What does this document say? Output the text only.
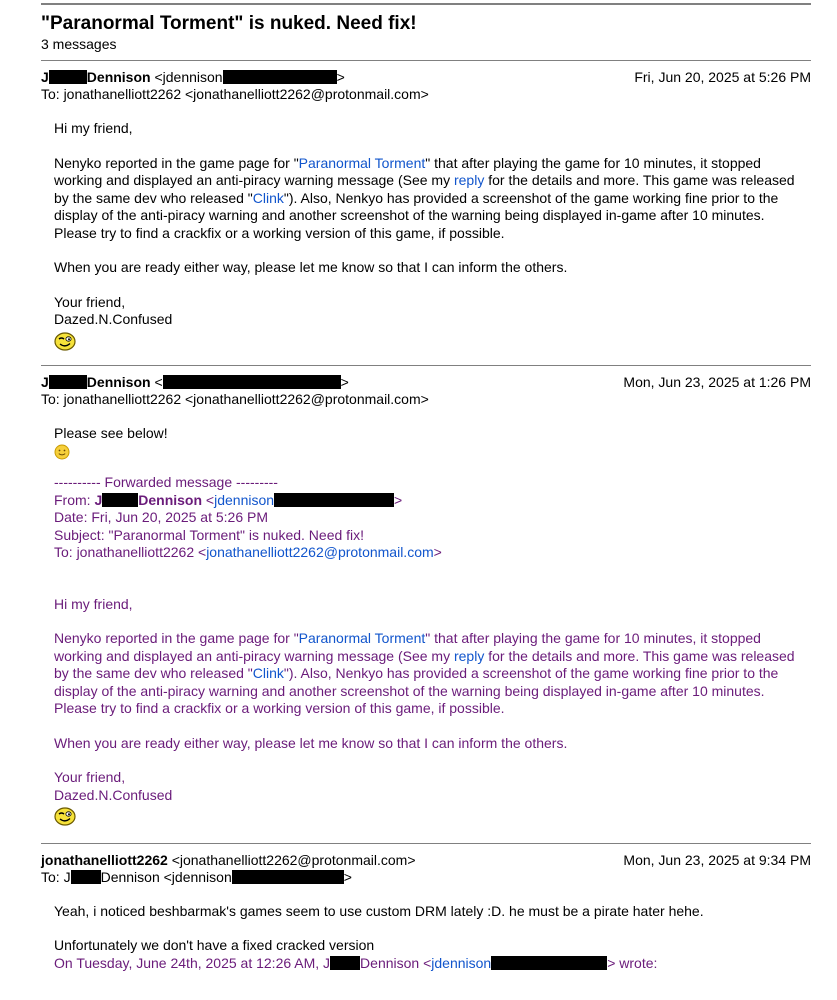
"Paranormal Torment" is nuked. Need fix!
3 messages
J	Dennison <jdennison	>	Fri, Jun 20, 2025 at 5:26 PM
To: jonathanelliott2262 <jonathanelliott2262@protonmail.com>

Hi my friend,

Nenyko reported in the game page for "Paranormal Torment" that after playing the game for 10 minutes, it stopped working and displayed an anti-piracy warning message (See my reply for the details and more. This game was released by the same dev who released "Clink"). Also, Nenkyo has provided a screenshot of the game working fine prior to the display of the anti-piracy warning and another screenshot of the warning being displayed in-game after 10 minutes. Please try to find a crackfix or a working version of this game, if possible.

When you are ready either way, please let me know so that I can inform the others.

Your friend,

Dazed.N.Confused

J	Dennison <	>	Mon, Jun 23, 2025 at 1:26 PM
To: jonathanelliott2262 <jonathanelliott2262@protonmail.com>

Please see below!

---------- Forwarded message ---------

From: J	Dennison <jdennison	>

Date: Fri, Jun 20, 2025 at 5:26 PM

Subject: "Paranormal Torment" is nuked. Need fix!

To: jonathanelliott2262 <jonathanelliott2262@protonmail.com>

Hi my friend,

Nenyko reported in the game page for "Paranormal Torment" that after playing the game for 10 minutes, it stopped working and displayed an anti-piracy warning message (See my reply for the details and more. This game was released by the same dev who released "Clink"). Also, Nenkyo has provided a screenshot of the game working fine prior to the display of the anti-piracy warning and another screenshot of the warning being displayed in-game after 10 minutes. Please try to find a crackfix or a working version of this game, if possible.

When you are ready either way, please let me know so that I can inform the others.

Your friend,

Dazed.N.Confused

jonathanelliott2262 <jonathanelliott2262@protonmail.com>	Mon, Jun 23, 2025 at 9:34 PM
To: J Dennison <jdennison	>

Yeah, i noticed beshbarmak's games seem to use custom DRM lately :D. he must be a pirate hater hehe.

Unfortunately we don't have a fixed cracked version

On Tuesday, June 24th, 2025 at 12:26 AM, J Dennison <jdennison	> wrote:
